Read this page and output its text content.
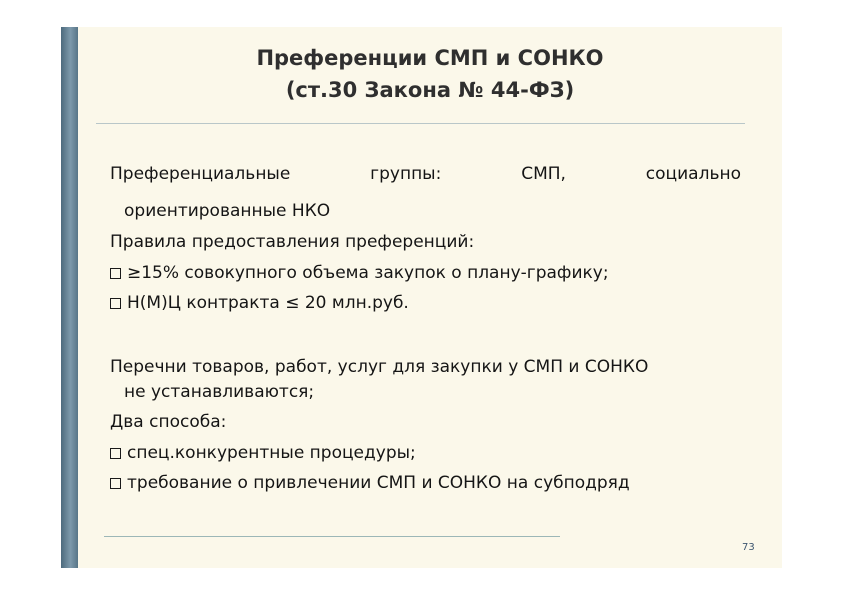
Преференции СМП и СОНКО
(ст.30 Закона № 44-ФЗ)
Преференциальные	группы:	СМП,	социально
ориентированные НКО
Правила предоставления преференций:
≥15% совокупного объема закупок о плану-графику;
Н(М)Ц контракта ≤ 20 млн.руб.
Перечни товаров, работ, услуг для закупки у СМП и СОНКО
не устанавливаются;
Два способа:
спец.конкурентные процедуры;
требование о привлечении СМП и СОНКО на субподряд
73
